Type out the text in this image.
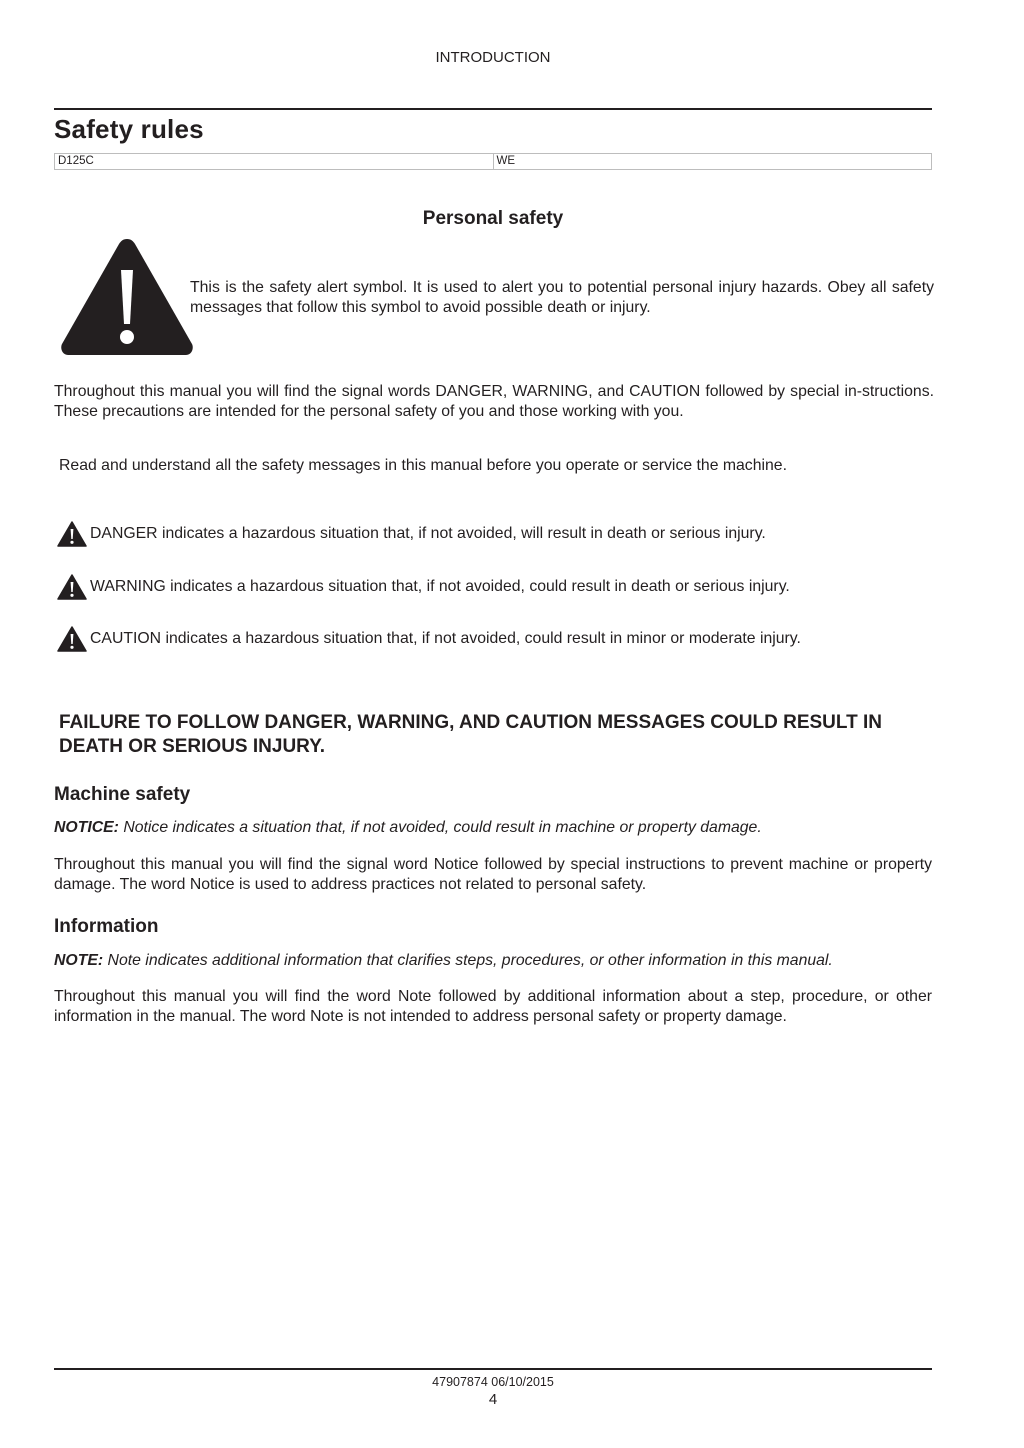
INTRODUCTION
Safety rules
D125C	WE
Personal safety
This is the safety alert symbol. It is used to alert you to potential personal injury hazards. Obey all safety messages that follow this symbol to avoid possible death or injury.
Throughout this manual you will find the signal words DANGER, WARNING, and CAUTION followed by special in-structions. These precautions are intended for the personal safety of you and those working with you.
Read and understand all the safety messages in this manual before you operate or service the machine.
DANGER indicates a hazardous situation that, if not avoided, will result in death or serious injury.
WARNING indicates a hazardous situation that, if not avoided, could result in death or serious injury.
CAUTION indicates a hazardous situation that, if not avoided, could result in minor or moderate injury.
FAILURE TO FOLLOW DANGER, WARNING, AND CAUTION MESSAGES COULD RESULT IN DEATH OR SERIOUS INJURY.
Machine safety
NOTICE: Notice indicates a situation that, if not avoided, could result in machine or property damage.
Throughout this manual you will find the signal word Notice followed by special instructions to prevent machine or property damage. The word Notice is used to address practices not related to personal safety.
Information
NOTE: Note indicates additional information that clarifies steps, procedures, or other information in this manual.
Throughout this manual you will find the word Note followed by additional information about a step, procedure, or other information in the manual. The word Note is not intended to address personal safety or property damage.
47907874 06/10/2015
4
